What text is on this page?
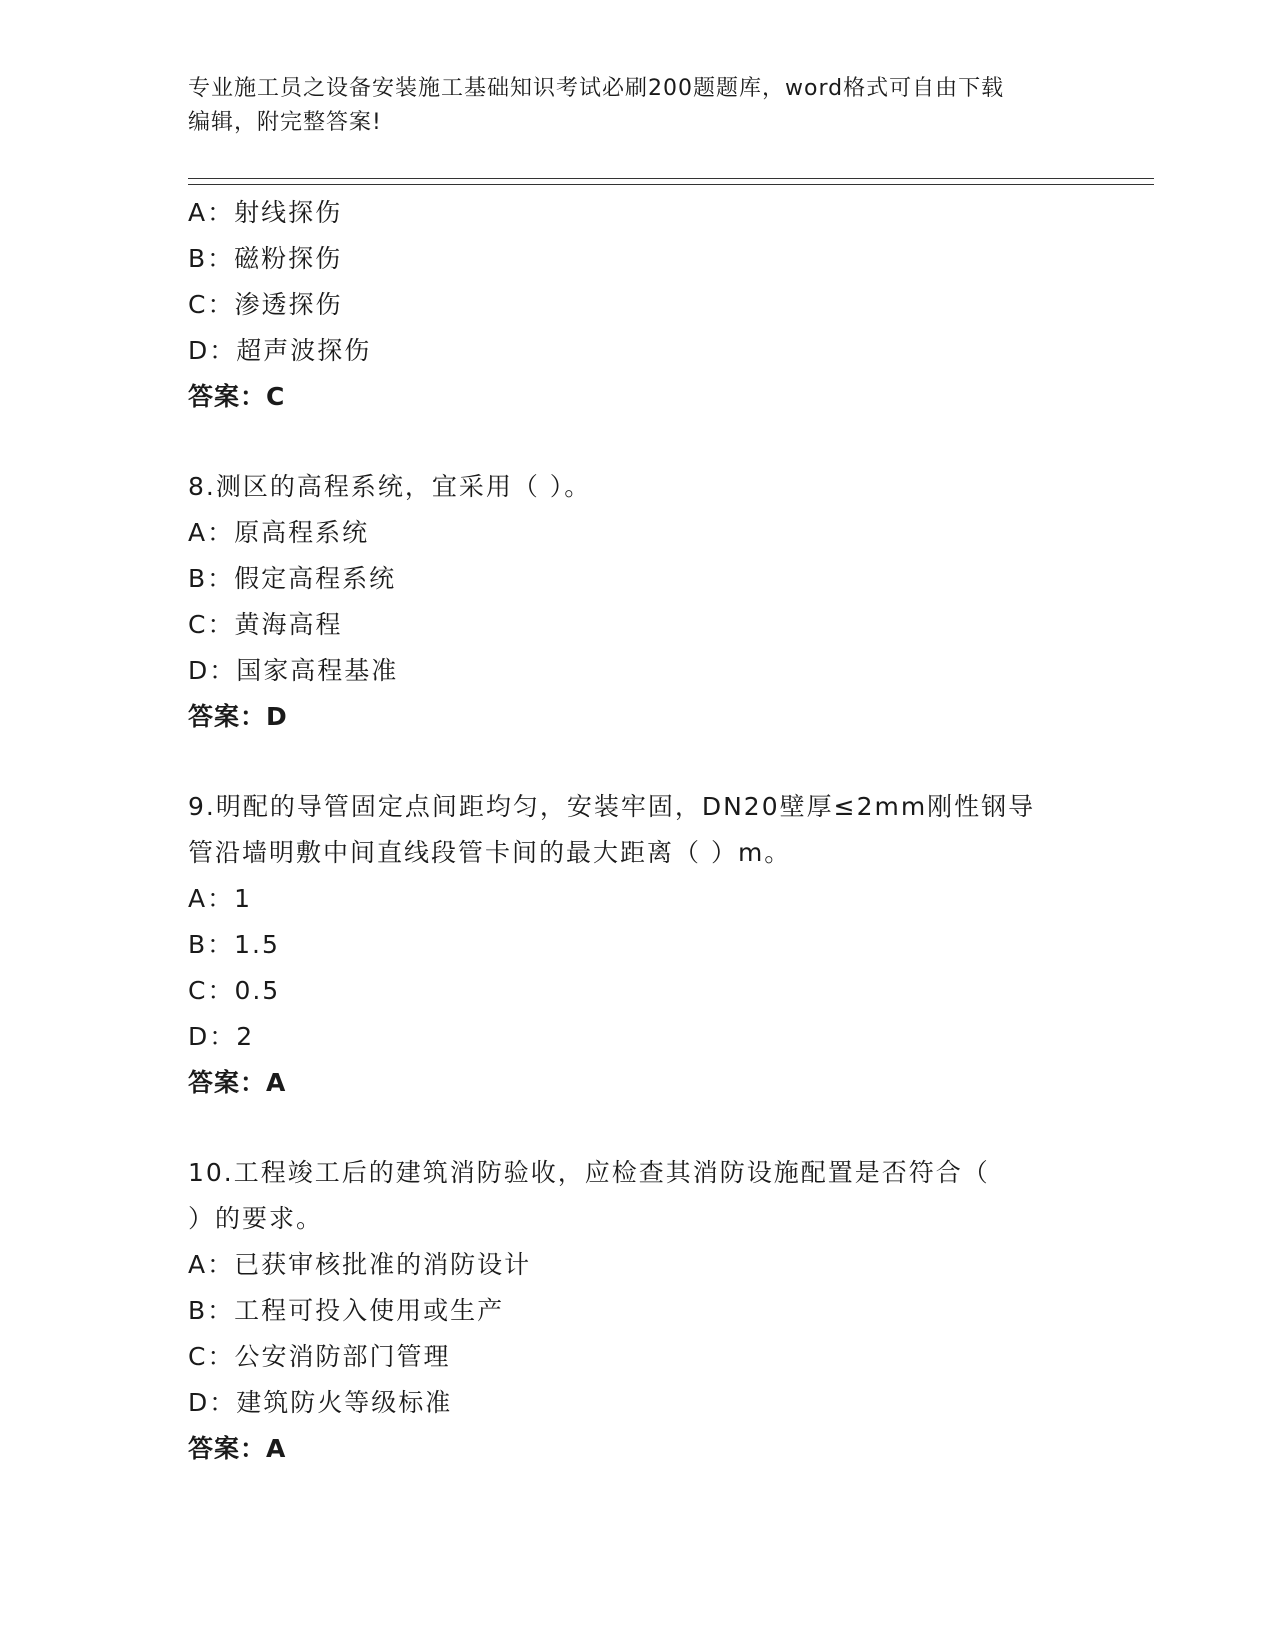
专业施工员之设备安装施工基础知识考试必刷200题题库，word格式可自由下载
编辑，附完整答案!
A：射线探伤
B：磁粉探伤
C：渗透探伤
D：超声波探伤
答案：C
8.测区的高程系统，宜采用（ ）。
A：原高程系统
B：假定高程系统
C：黄海高程
D：国家高程基准
答案：D
9.明配的导管固定点间距均匀，安装牢固，DN20壁厚≤2mm刚性钢导
管沿墙明敷中间直线段管卡间的最大距离（ ）m。
A：1
B：1.5
C：0.5
D：2
答案：A
10.工程竣工后的建筑消防验收，应检查其消防设施配置是否符合（
）的要求。
A：已获审核批准的消防设计
B：工程可投入使用或生产
C：公安消防部门管理
D：建筑防火等级标准
答案：A
